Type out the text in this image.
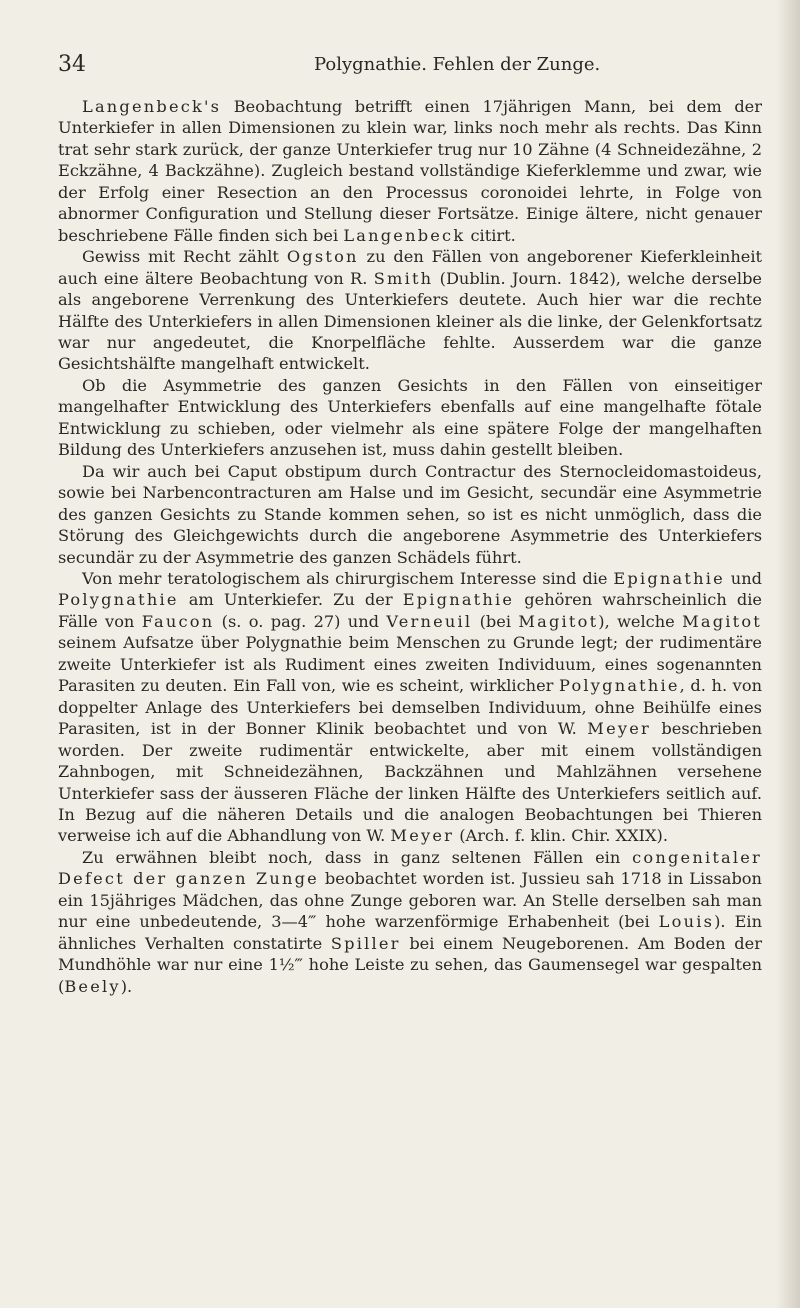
34	Polygnathie. Fehlen der Zunge.

Langenbeck's Beobachtung betrifft einen 17jährigen Mann, bei dem der Unterkiefer in allen Dimensionen zu klein war, links noch mehr als rechts. Das Kinn trat sehr stark zurück, der ganze Unterkiefer trug nur 10 Zähne (4 Schneidezähne, 2 Eckzähne, 4 Backzähne). Zugleich bestand vollständige Kieferklemme und zwar, wie der Erfolg einer Resection an den Processus coronoidei lehrte, in Folge von abnormer Configuration und Stellung dieser Fortsätze. Einige ältere, nicht genauer beschriebene Fälle finden sich bei Langenbeck citirt.

Gewiss mit Recht zählt Ogston zu den Fällen von angeborener Kieferkleinheit auch eine ältere Beobachtung von R. Smith (Dublin. Journ. 1842), welche derselbe als angeborene Verrenkung des Unterkiefers deutete. Auch hier war die rechte Hälfte des Unterkiefers in allen Dimensionen kleiner als die linke, der Gelenkfortsatz war nur angedeutet, die Knorpelfläche fehlte. Ausserdem war die ganze Gesichtshälfte mangelhaft entwickelt.

Ob die Asymmetrie des ganzen Gesichts in den Fällen von einseitiger mangelhafter Entwicklung des Unterkiefers ebenfalls auf eine mangelhafte fötale Entwicklung zu schieben, oder vielmehr als eine spätere Folge der mangelhaften Bildung des Unterkiefers anzusehen ist, muss dahin gestellt bleiben.

Da wir auch bei Caput obstipum durch Contractur des Sternocleidomastoideus, sowie bei Narbencontracturen am Halse und im Gesicht, secundär eine Asymmetrie des ganzen Gesichts zu Stande kommen sehen, so ist es nicht unmöglich, dass die Störung des Gleichgewichts durch die angeborene Asymmetrie des Unterkiefers secundär zu der Asymmetrie des ganzen Schädels führt.

Von mehr teratologischem als chirurgischem Interesse sind die Epignathie und Polygnathie am Unterkiefer. Zu der Epignathie gehören wahrscheinlich die Fälle von Faucon (s. o. pag. 27) und Verneuil (bei Magitot), welche Magitot seinem Aufsatze über Polygnathie beim Menschen zu Grunde legt; der rudimentäre zweite Unterkiefer ist als Rudiment eines zweiten Individuum, eines sogenannten Parasiten zu deuten. Ein Fall von, wie es scheint, wirklicher Polygnathie, d. h. von doppelter Anlage des Unterkiefers bei demselben Individuum, ohne Beihülfe eines Parasiten, ist in der Bonner Klinik beobachtet und von W. Meyer beschrieben worden. Der zweite rudimentär entwickelte, aber mit einem vollständigen Zahnbogen, mit Schneidezähnen, Backzähnen und Mahlzähnen versehene Unterkiefer sass der äusseren Fläche der linken Hälfte des Unterkiefers seitlich auf. In Bezug auf die näheren Details und die analogen Beobachtungen bei Thieren verweise ich auf die Abhandlung von W. Meyer (Arch. f. klin. Chir. XXIX).

Zu erwähnen bleibt noch, dass in ganz seltenen Fällen ein congenitaler Defect der ganzen Zunge beobachtet worden ist. Jussieu sah 1718 in Lissabon ein 15jähriges Mädchen, das ohne Zunge geboren war. An Stelle derselben sah man nur eine unbedeutende, 3—4‴ hohe warzenförmige Erhabenheit (bei Louis). Ein ähnliches Verhalten constatirte Spiller bei einem Neugeborenen. Am Boden der Mundhöhle war nur eine 1½‴ hohe Leiste zu sehen, das Gaumensegel war gespalten (Beely).
